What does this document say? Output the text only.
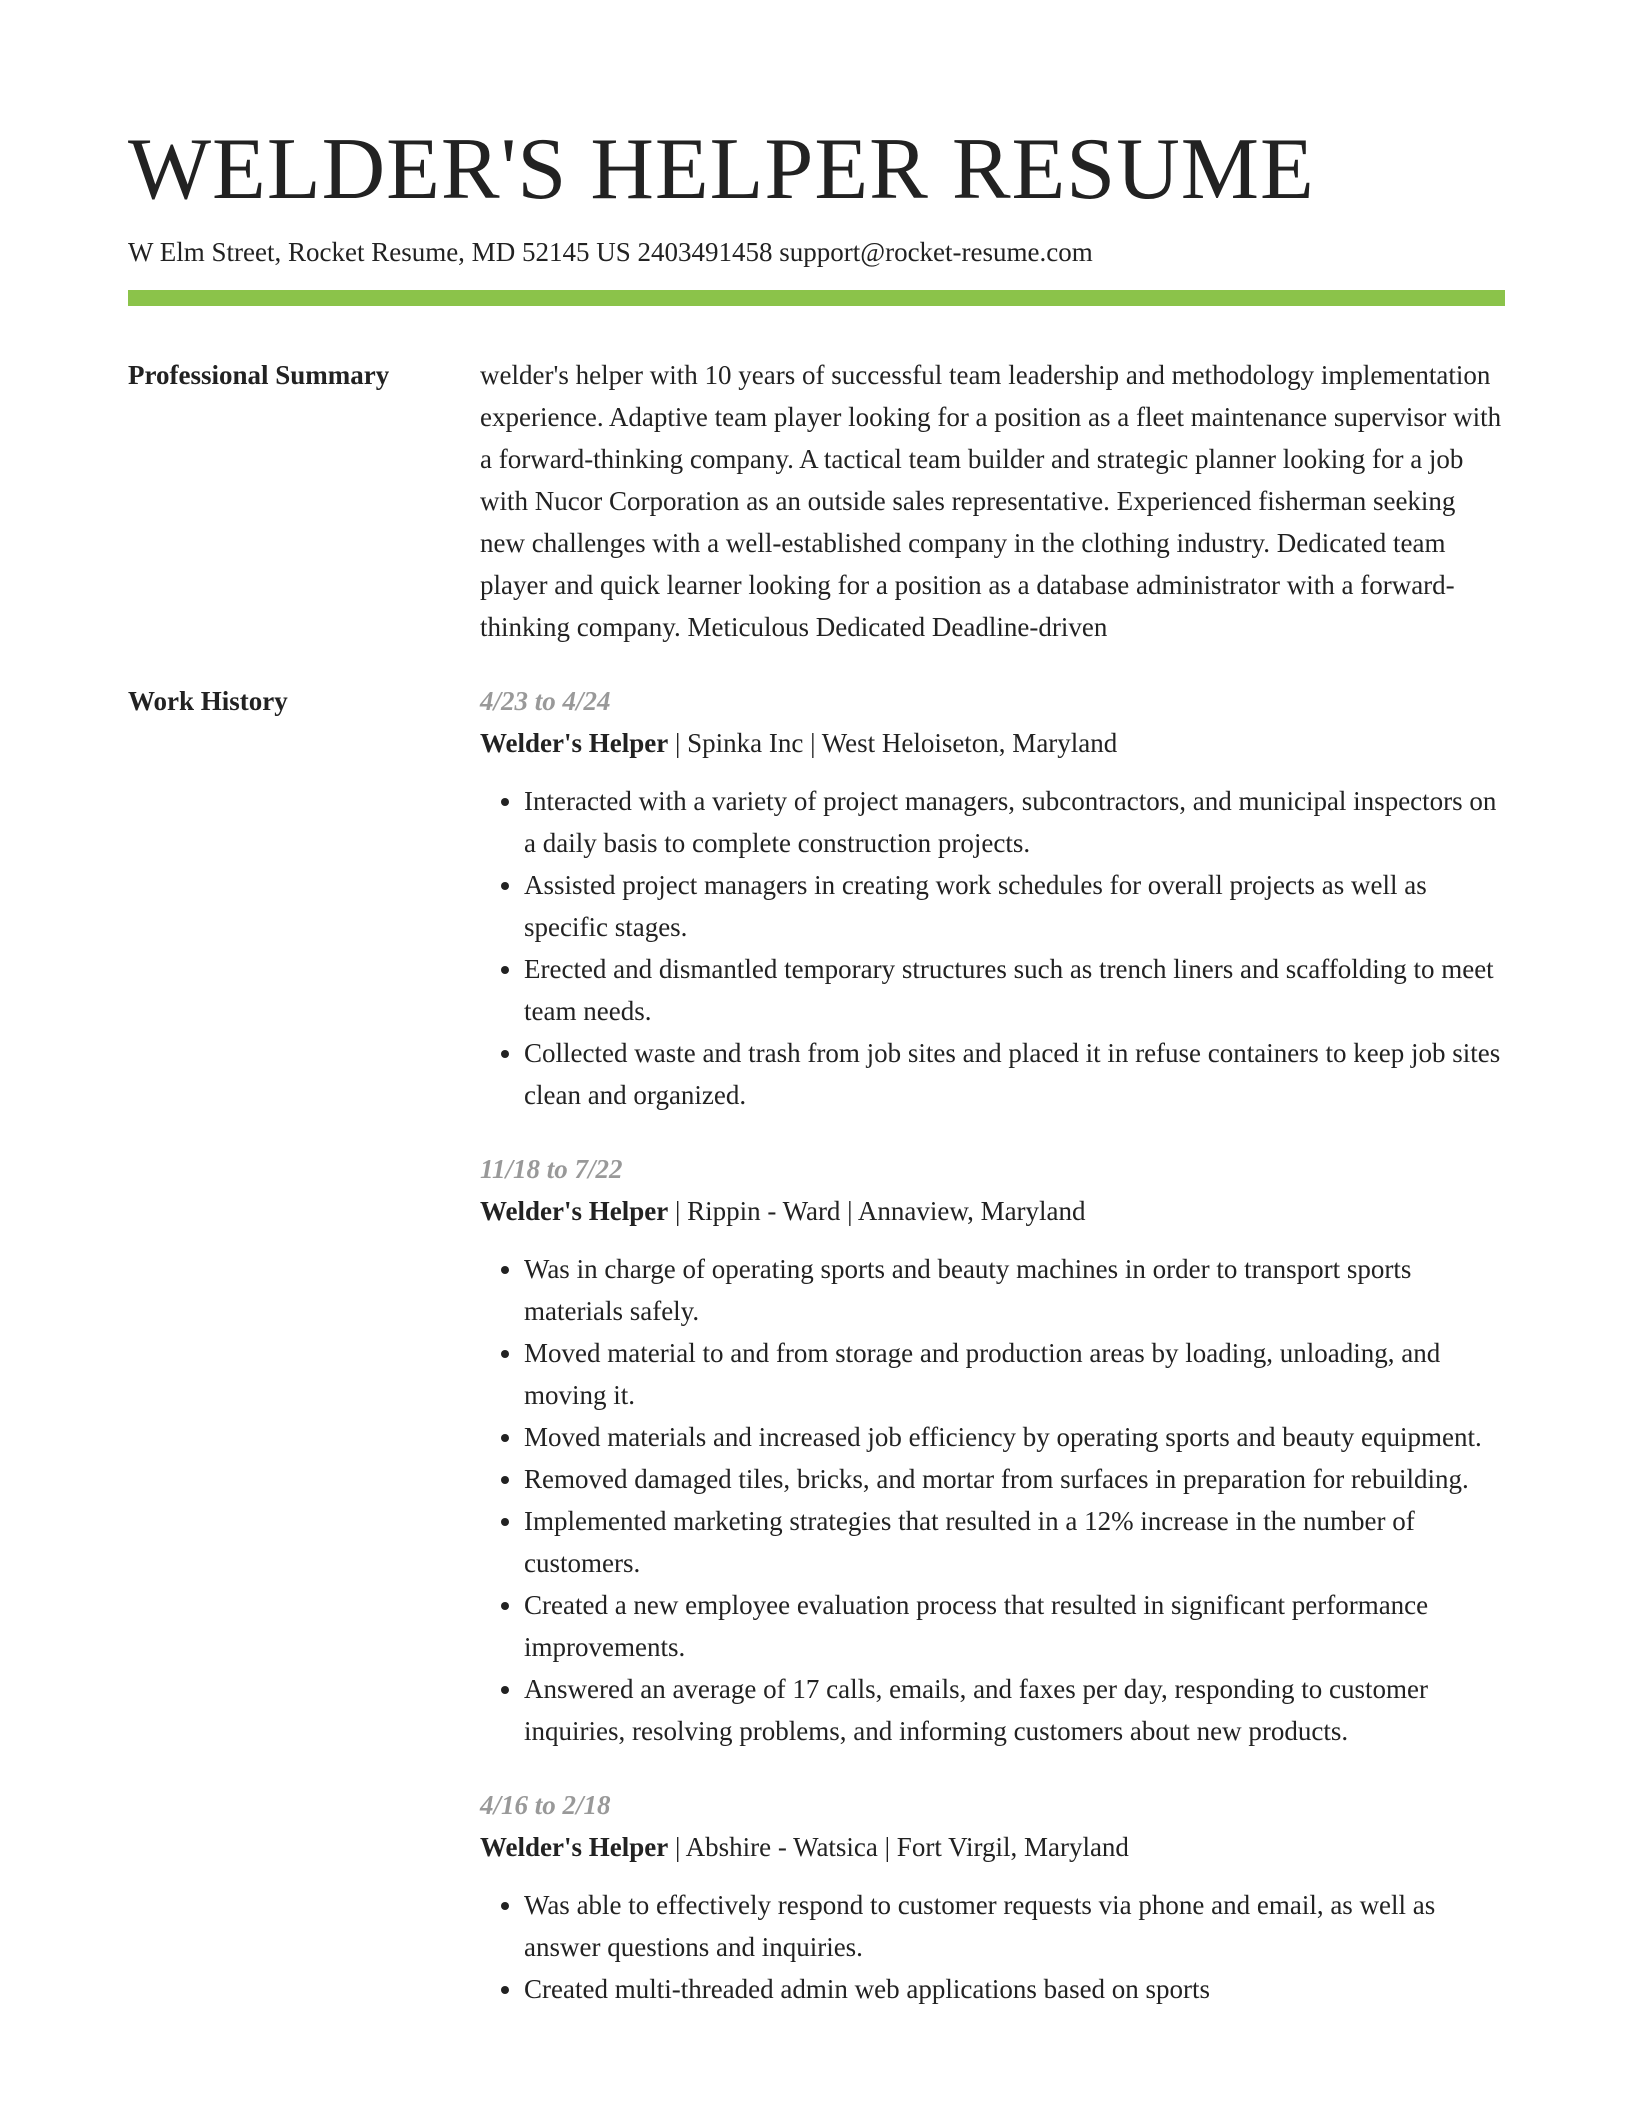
WELDER'S HELPER RESUME
W Elm Street, Rocket Resume, MD 52145 US 2403491458 support@rocket-resume.com
Professional Summary	welder's helper with 10 years of successful team leadership and methodology implementation experience. Adaptive team player looking for a position as a fleet maintenance supervisor with a forward-thinking company. A tactical team builder and strategic planner looking for a job with Nucor Corporation as an outside sales representative. Experienced fisherman seeking new challenges with a well-established company in the clothing industry. Dedicated team player and quick learner looking for a position as a database administrator with a forward-thinking company. Meticulous Dedicated Deadline-driven

Work History	4/23 to 4/24
Welder's Helper | Spinka Inc | West Heloiseton, Maryland
• Interacted with a variety of project managers, subcontractors, and municipal inspectors on a daily basis to complete construction projects.
• Assisted project managers in creating work schedules for overall projects as well as specific stages.
• Erected and dismantled temporary structures such as trench liners and scaffolding to meet team needs.
• Collected waste and trash from job sites and placed it in refuse containers to keep job sites clean and organized.
11/18 to 7/22
Welder's Helper | Rippin - Ward | Annaview, Maryland
• Was in charge of operating sports and beauty machines in order to transport sports materials safely.
• Moved material to and from storage and production areas by loading, unloading, and moving it.
• Moved materials and increased job efficiency by operating sports and beauty equipment.
• Removed damaged tiles, bricks, and mortar from surfaces in preparation for rebuilding.
• Implemented marketing strategies that resulted in a 12% increase in the number of customers.
• Created a new employee evaluation process that resulted in significant performance improvements.
• Answered an average of 17 calls, emails, and faxes per day, responding to customer inquiries, resolving problems, and informing customers about new products.
4/16 to 2/18
Welder's Helper | Abshire - Watsica | Fort Virgil, Maryland
• Was able to effectively respond to customer requests via phone and email, as well as answer questions and inquiries.
• Created multi-threaded admin web applications based on sports
